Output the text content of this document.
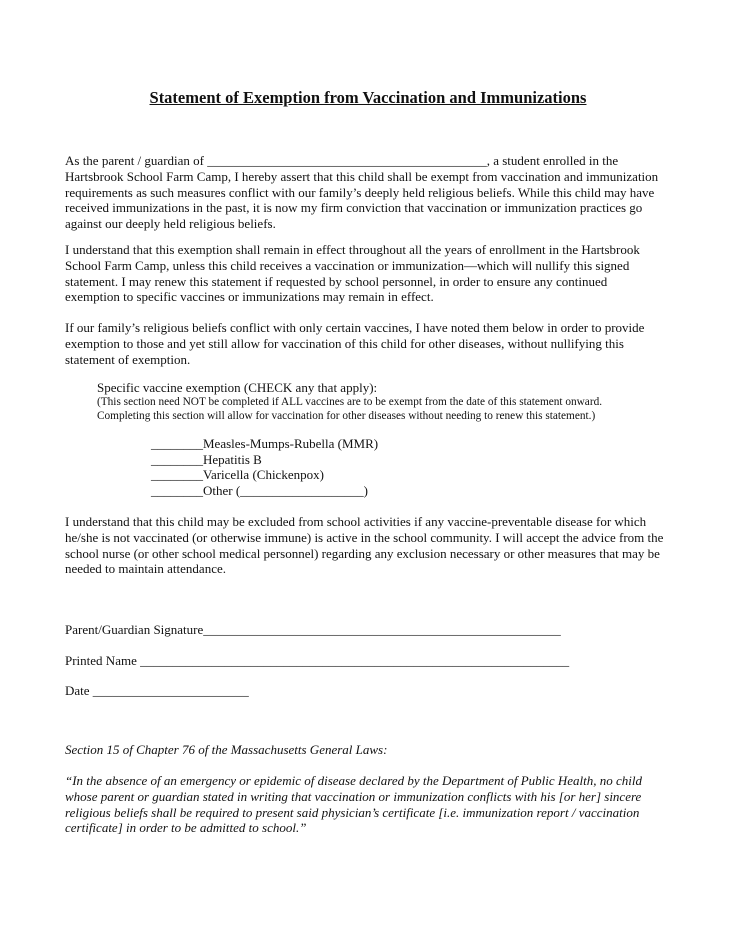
Statement of Exemption from Vaccination and Immunizations
As the parent / guardian of ___________________________________________, a student enrolled in the Hartsbrook School Farm Camp, I hereby assert that this child shall be exempt from vaccination and immunization requirements as such measures conflict with our family’s deeply held religious beliefs. While this child may have received immunizations in the past, it is now my firm conviction that vaccination or immunization practices go against our deeply held religious beliefs.
I understand that this exemption shall remain in effect throughout all the years of enrollment in the Hartsbrook School Farm Camp, unless this child receives a vaccination or immunization—which will nullify this signed statement. I may renew this statement if requested by school personnel, in order to ensure any continued exemption to specific vaccines or immunizations may remain in effect.
If our family’s religious beliefs conflict with only certain vaccines, I have noted them below in order to provide exemption to those and yet still allow for vaccination of this child for other diseases, without nullifying this statement of exemption.
Specific vaccine exemption (CHECK any that apply):
(This section need NOT be completed if ALL vaccines are to be exempt from the date of this statement onward.
Completing this section will allow for vaccination for other diseases without needing to renew this statement.)
________Measles-Mumps-Rubella (MMR)
________Hepatitis B
________Varicella (Chickenpox)
________Other (___________________)
I understand that this child may be excluded from school activities if any vaccine-preventable disease for which he/she is not vaccinated (or otherwise immune) is active in the school community. I will accept the advice from the school nurse (or other school medical personnel) regarding any exclusion necessary or other measures that may be needed to maintain attendance.
Parent/Guardian Signature_______________________________________________________
Printed Name __________________________________________________________________
Date ________________________
Section 15 of Chapter 76 of the Massachusetts General Laws:
“In the absence of an emergency or epidemic of disease declared by the Department of Public Health, no child whose parent or guardian stated in writing that vaccination or immunization conflicts with his [or her] sincere religious beliefs shall be required to present said physician’s certificate [i.e. immunization report / vaccination certificate] in order to be admitted to school.”
